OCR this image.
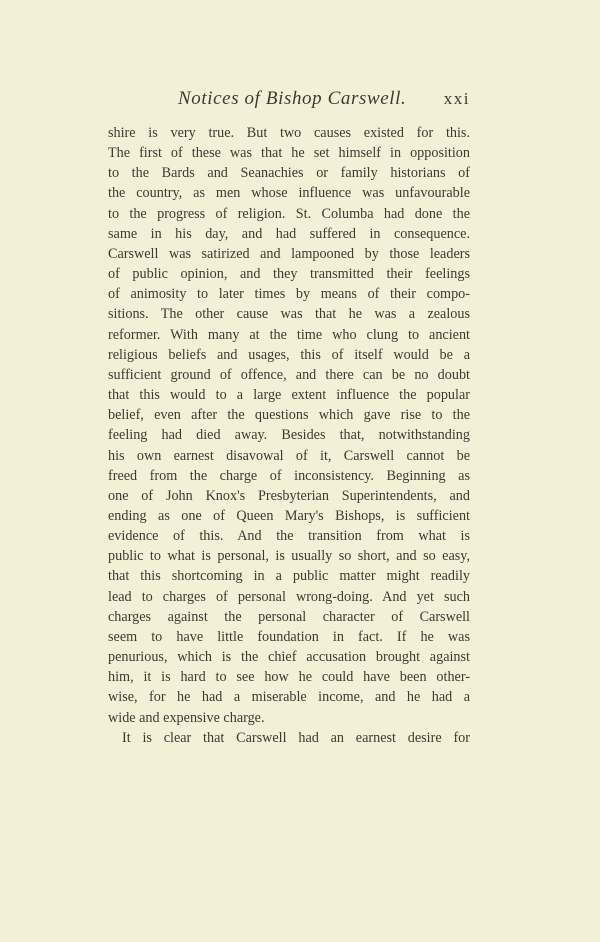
Notices of Bishop Carswell. xxi
shire is very true. But two causes existed for this.
The first of these was that he set himself in opposition
to the Bards and Seanachies or family historians of
the country, as men whose influence was unfavourable
to the progress of religion. St. Columba had done the
same in his day, and had suffered in consequence.
Carswell was satirized and lampooned by those leaders
of public opinion, and they transmitted their feelings
of animosity to later times by means of their compo-
sitions. The other cause was that he was a zealous
reformer. With many at the time who clung to ancient
religious beliefs and usages, this of itself would be a
sufficient ground of offence, and there can be no doubt
that this would to a large extent influence the popular
belief, even after the questions which gave rise to the
feeling had died away. Besides that, notwithstanding
his own earnest disavowal of it, Carswell cannot be
freed from the charge of inconsistency. Beginning as
one of John Knox's Presbyterian Superintendents, and
ending as one of Queen Mary's Bishops, is sufficient
evidence of this. And the transition from what is
public to what is personal, is usually so short, and so easy,
that this shortcoming in a public matter might readily
lead to charges of personal wrong-doing. And yet such
charges against the personal character of Carswell
seem to have little foundation in fact. If he was
penurious, which is the chief accusation brought against
him, it is hard to see how he could have been other-
wise, for he had a miserable income, and he had a
wide and expensive charge.
It is clear that Carswell had an earnest desire for
